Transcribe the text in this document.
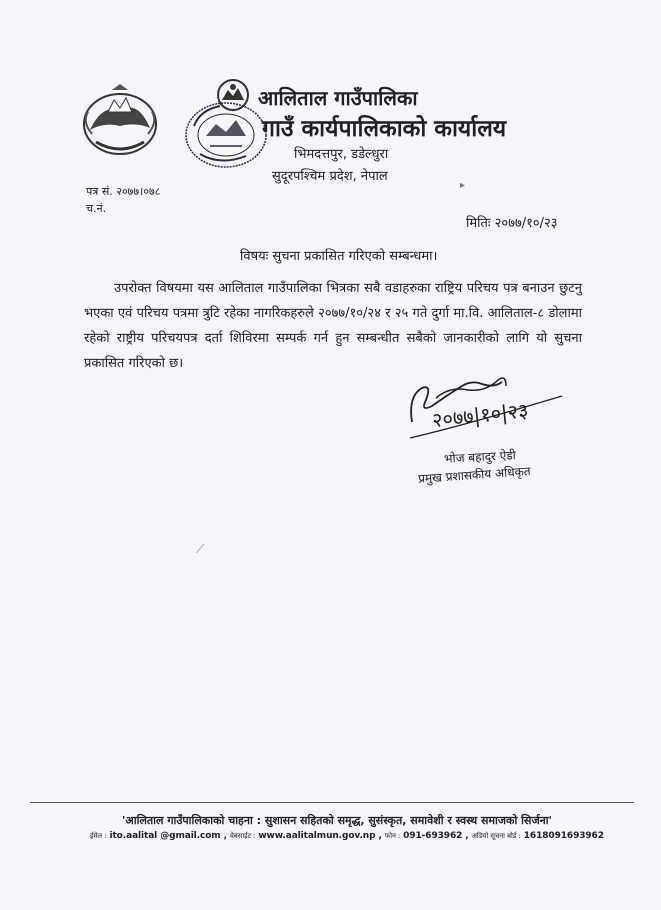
आलिताल गाउँपालिका
गाउँ कार्यपालिकाको कार्यालय
भिमदत्तपुर, डडेल्धुरा
सुदूरपश्चिम प्रदेश, नेपाल
पत्र सं. २०७७।०७८
च.नं.
▸
मितिः २०७७/१०/२३
विषयः सुचना प्रकासित गरिएको सम्बन्धमा।
उपरोक्त विषयमा यस आलिताल गाउँपालिका भित्रका सबै वडाहरुका राष्ट्रिय परिचय पत्र बनाउन छुटनु भएका एवं परिचय पत्रमा त्रुटि रहेका नागरिकहरुले २०७७/१०/२४ र २५ गते दुर्गा मा.वि. आलिताल-८ डोलामा रहेको राष्ट्रीय परिचयपत्र दर्ता शिविरमा सम्पर्क गर्न हुन सम्बन्धीत सबैको जानकारीको लागि यो सुचना प्रकासित गरिएको छ।
२०७७|१०|२३
भोज बहादुर ऐडी
प्रमुख प्रशासकीय अधिकृत
⟋
'आलिताल गाउँपालिकाको चाहना : सुशासन सहितको समृद्ध, सुसंस्कृत, समावेशी र स्वस्थ समाजको सिर्जना'
ईमेल : ito.aalital @gmail.com , वेबसाईट : www.aalitalmun.gov.np , फोन : 091-693962 , अडियो सूचना बोर्ड : 1618091693962
